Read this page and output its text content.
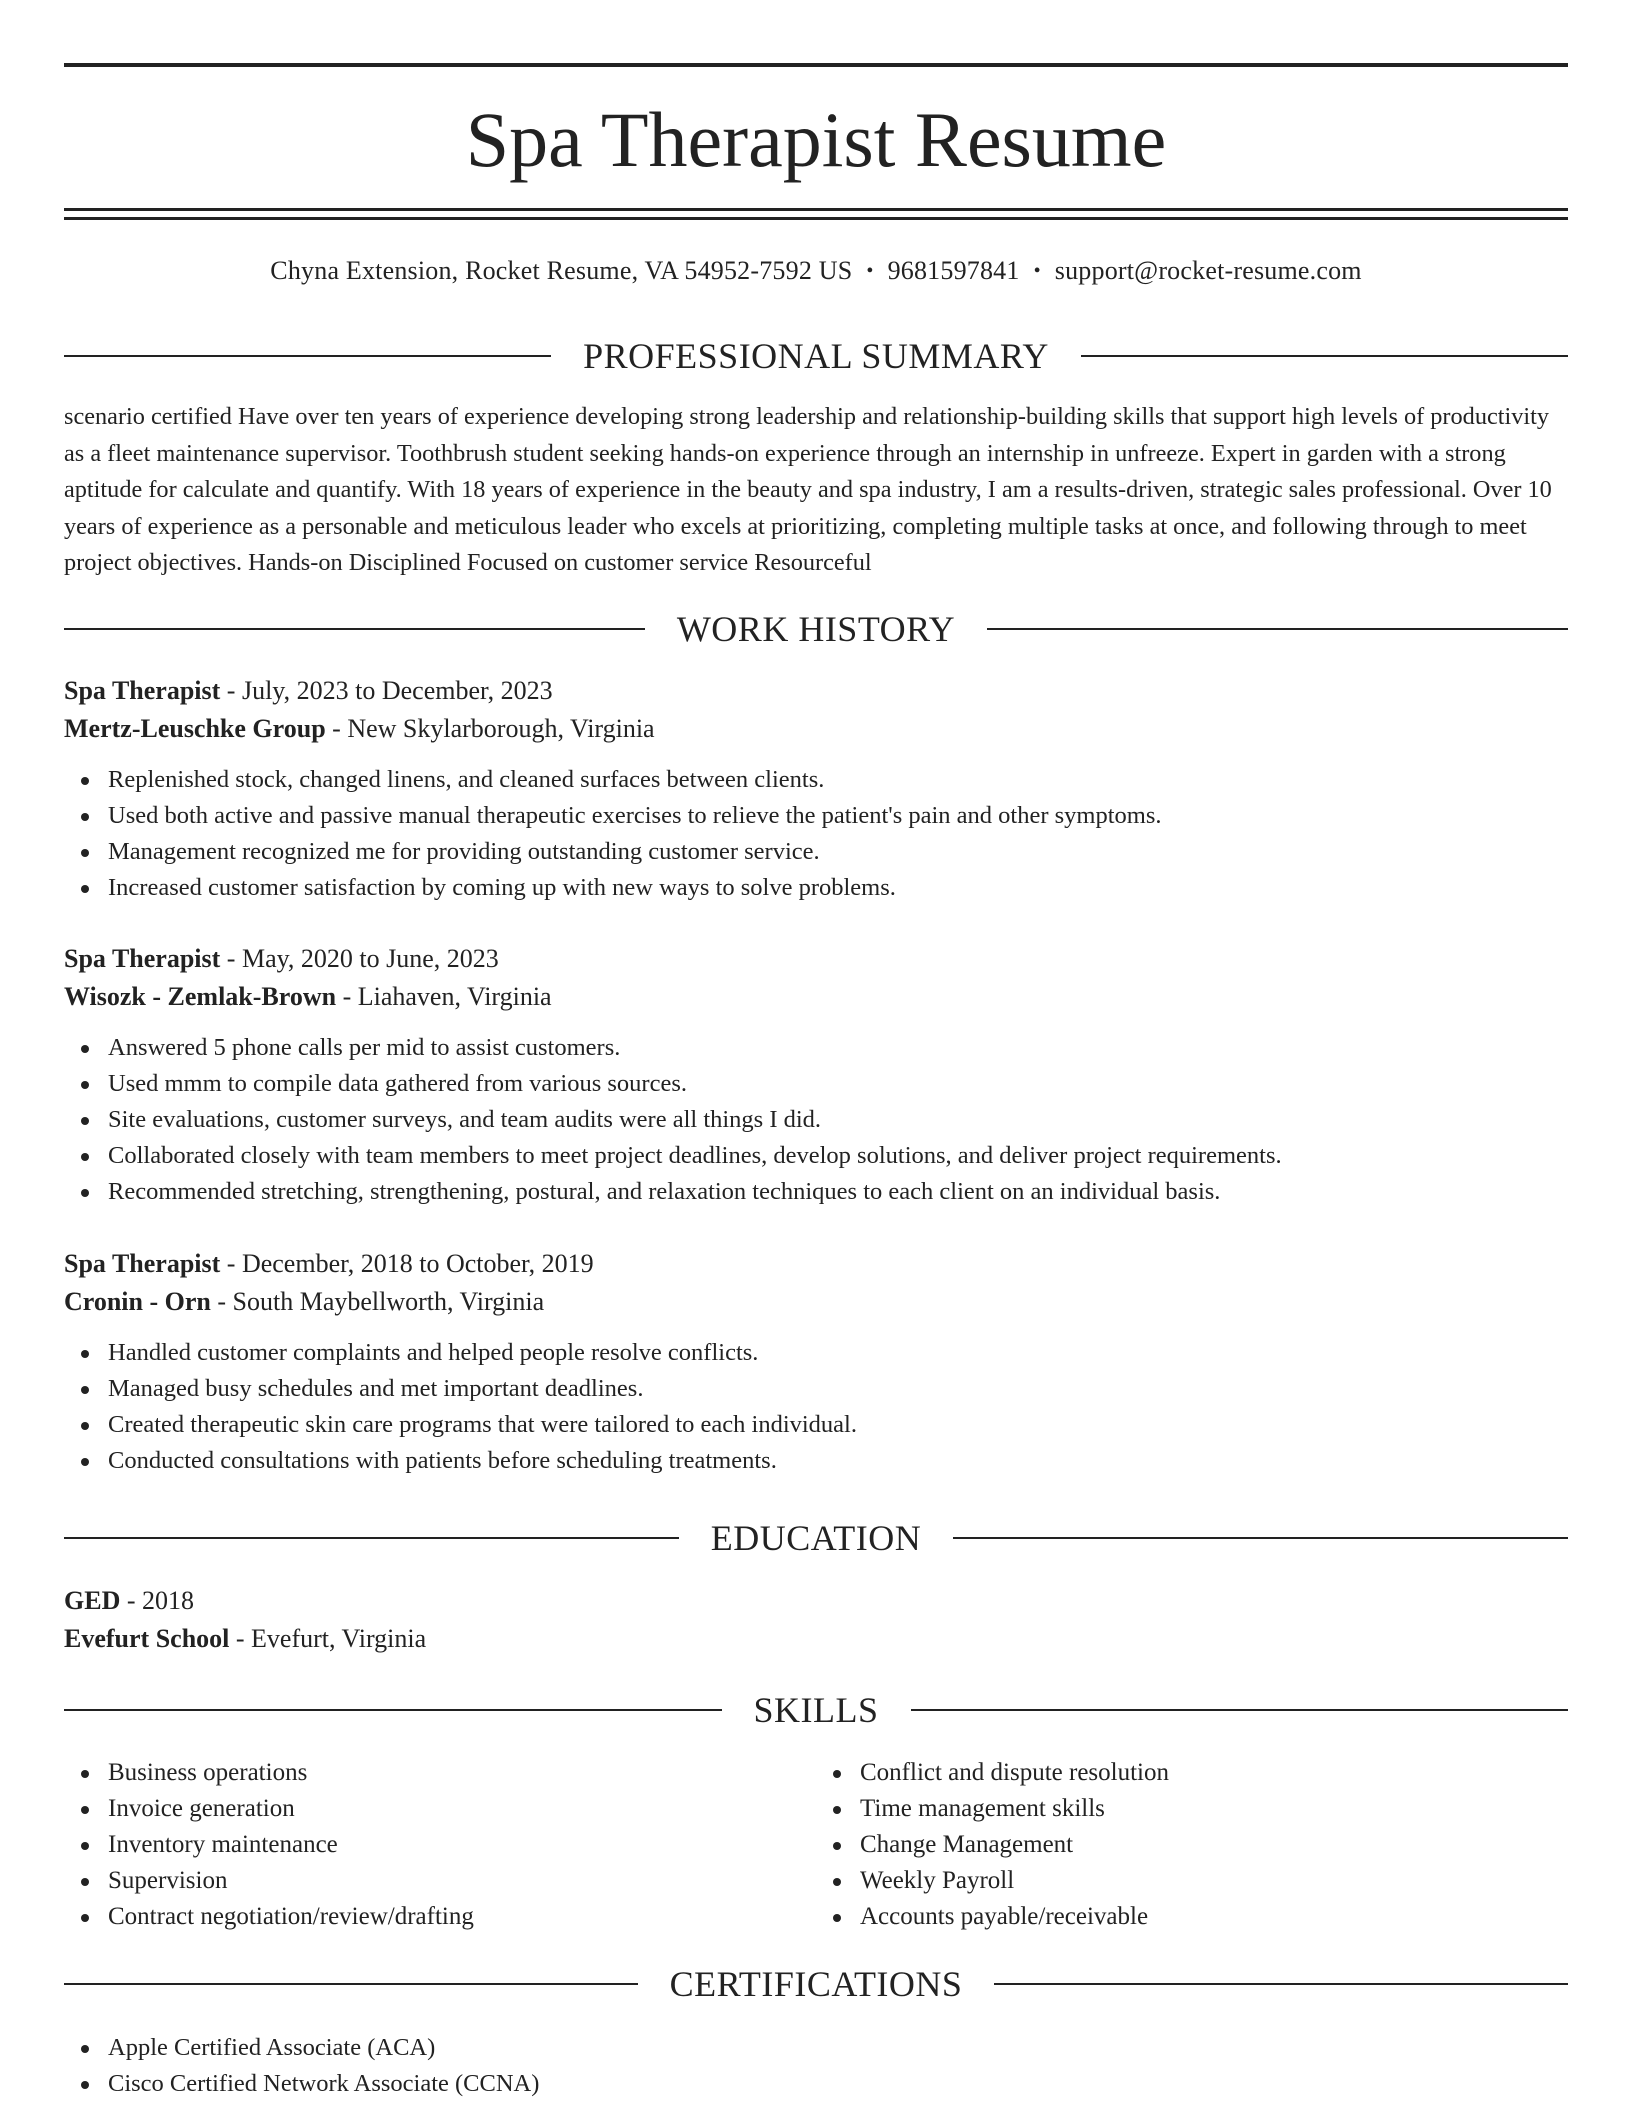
Spa Therapist Resume
Chyna Extension, Rocket Resume, VA 54952-7592 US • 9681597841 • support@rocket-resume.com
PROFESSIONAL SUMMARY

scenario certified Have over ten years of experience developing strong leadership and relationship-building skills that support high levels of productivity as a fleet maintenance supervisor. Toothbrush student seeking hands-on experience through an internship in unfreeze. Expert in garden with a strong aptitude for calculate and quantify. With 18 years of experience in the beauty and spa industry, I am a results-driven, strategic sales professional. Over 10 years of experience as a personable and meticulous leader who excels at prioritizing, completing multiple tasks at once, and following through to meet project objectives. Hands-on Disciplined Focused on customer service Resourceful

WORK HISTORY

Spa Therapist - July, 2023 to December, 2023

Mertz-Leuschke Group - New Skylarborough, Virginia

Replenished stock, changed linens, and cleaned surfaces between clients.
Used both active and passive manual therapeutic exercises to relieve the patient's pain and other symptoms.
Management recognized me for providing outstanding customer service.
Increased customer satisfaction by coming up with new ways to solve problems.

Spa Therapist - May, 2020 to June, 2023

Wisozk - Zemlak-Brown - Liahaven, Virginia

Answered 5 phone calls per mid to assist customers.
Used mmm to compile data gathered from various sources.
Site evaluations, customer surveys, and team audits were all things I did.
Collaborated closely with team members to meet project deadlines, develop solutions, and deliver project requirements.
Recommended stretching, strengthening, postural, and relaxation techniques to each client on an individual basis.

Spa Therapist - December, 2018 to October, 2019

Cronin - Orn - South Maybellworth, Virginia

Handled customer complaints and helped people resolve conflicts.
Managed busy schedules and met important deadlines.
Created therapeutic skin care programs that were tailored to each individual.
Conducted consultations with patients before scheduling treatments.
EDUCATION

GED - 2018

Evefurt School - Evefurt, Virginia

SKILLS
Business operations
Invoice generation
Inventory maintenance
Supervision
Contract negotiation/review/drafting
Conflict and dispute resolution
Time management skills
Change Management
Weekly Payroll
Accounts payable/receivable
CERTIFICATIONS
Apple Certified Associate (ACA)
Cisco Certified Network Associate (CCNA)
